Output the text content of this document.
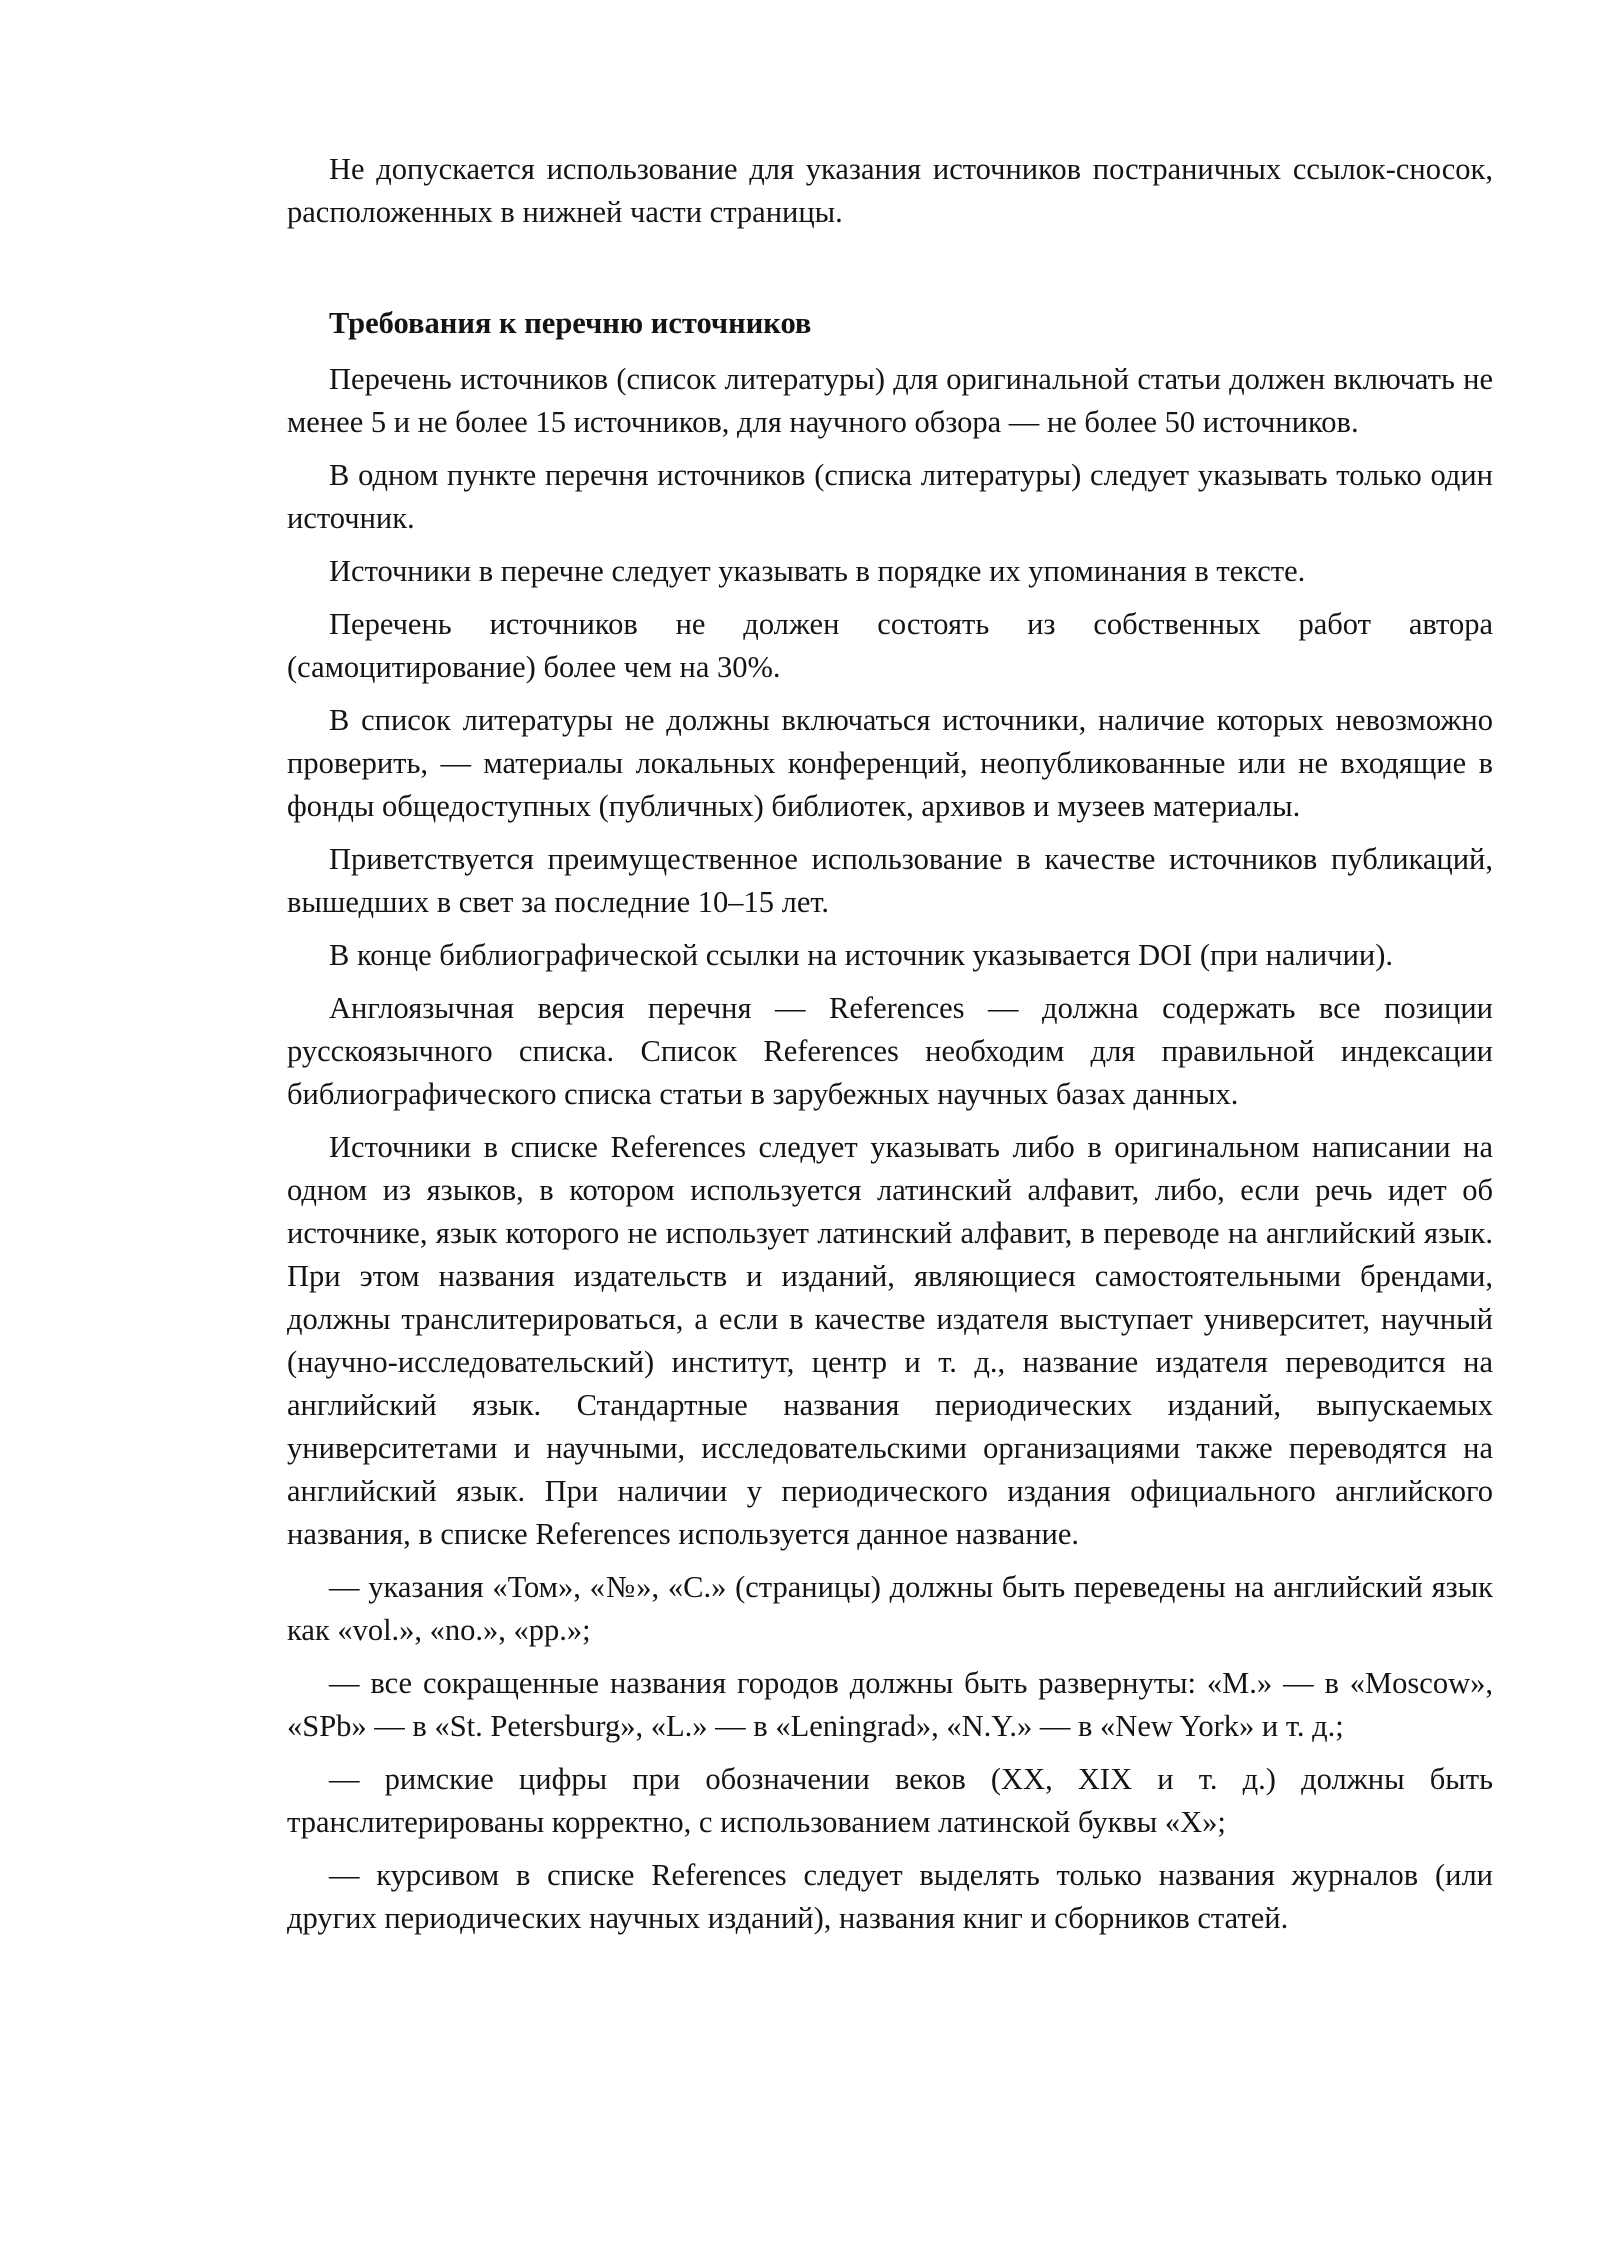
Не допускается использование для указания источников постраничных ссылок-сносок, расположенных в нижней части страницы.

Требования к перечню источников

Перечень источников (список литературы) для оригинальной статьи должен включать не менее 5 и не более 15 источников, для научного обзора — не более 50 источников.

В одном пункте перечня источников (списка литературы) следует указывать только один источник.

Источники в перечне следует указывать в порядке их упоминания в тексте.

Перечень источников не должен состоять из собственных работ автора (самоцитирование) более чем на 30%.

В список литературы не должны включаться источники, наличие которых невозможно проверить, — материалы локальных конференций, неопубликованные или не входящие в фонды общедоступных (публичных) библиотек, архивов и музеев материалы.

Приветствуется преимущественное использование в качестве источников публикаций, вышедших в свет за последние 10–15 лет.

В конце библиографической ссылки на источник указывается DOI (при наличии).

Англоязычная версия перечня — References — должна содержать все позиции русскоязычного списка. Список References необходим для правильной индексации библиографического списка статьи в зарубежных научных базах данных.

Источники в списке References следует указывать либо в оригинальном написании на одном из языков, в котором используется латинский алфавит, либо, если речь идет об источнике, язык которого не использует латинский алфавит, в переводе на английский язык. При этом названия издательств и изданий, являющиеся самостоятельными брендами, должны транслитерироваться, а если в качестве издателя выступает университет, научный (научно-исследовательский) институт, центр и т. д., название издателя переводится на английский язык. Стандартные названия периодических изданий, выпускаемых университетами и научными, исследовательскими организациями также переводятся на английский язык. При наличии у периодического издания официального английского названия, в списке References используется данное название.

— указания «Том», «№», «С.» (страницы) должны быть переведены на английский язык как «vol.», «no.», «pp.»;

— все сокращенные названия городов должны быть развернуты: «М.» — в «Moscow», «SPb» — в «St. Petersburg», «L.» — в «Leningrad», «N.Y.» — в «New York» и т. д.;

— римские цифры при обозначении веков (XX, XIX и т. д.) должны быть транслитерированы корректно, с использованием латинской буквы «X»;

— курсивом в списке References следует выделять только названия журналов (или других периодических научных изданий), названия книг и сборников статей.
